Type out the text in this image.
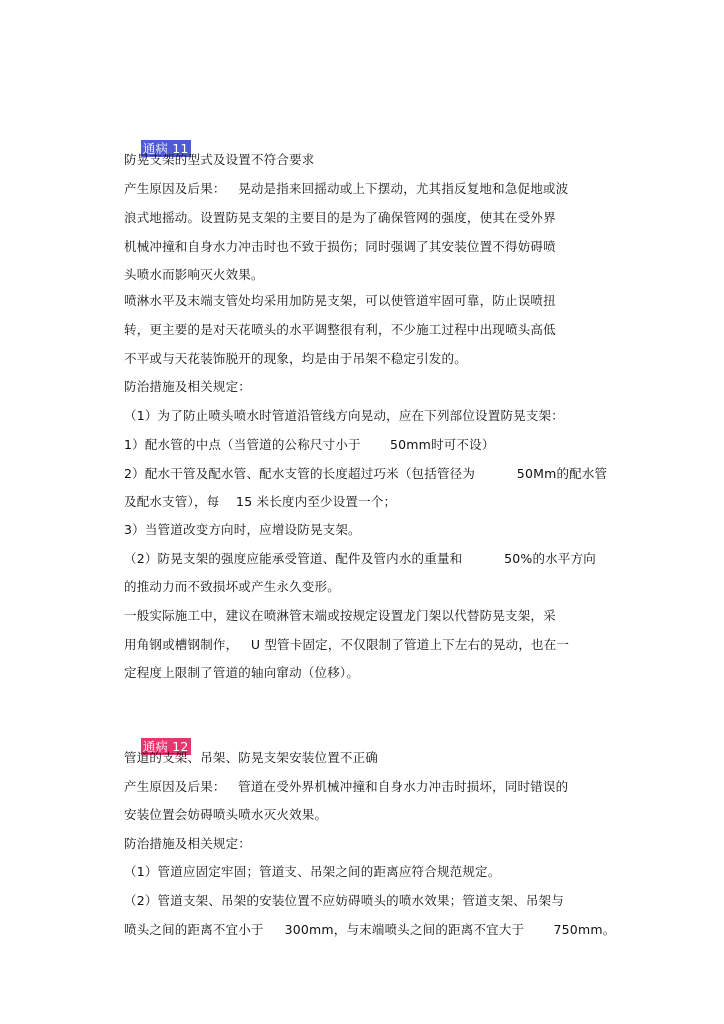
通病 11

防晃支架的型式及设置不符合要求
产生原因及后果：   晃动是指来回摇动或上下摆动，尤其指反复地和急促地或波
浪式地摇动。设置防晃支架的主要目的是为了确保管网的强度，使其在受外界
机械冲撞和自身水力冲击时也不致于损伤；同时强调了其安装位置不得妨碍喷
头喷水而影响灭火效果。
喷淋水平及末端支管处均采用加防晃支架，可以使管道牢固可靠，防止误喷扭
转，更主要的是对天花喷头的水平调整很有利，不少施工过程中出现喷头高低
不平或与天花装饰脱开的现象，均是由于吊架不稳定引发的。
防治措施及相关规定：
（1）为了防止喷头喷水时管道沿管线方向晃动，应在下列部位设置防晃支架：
1）配水管的中点（当管道的公称尺寸小于       50mm时可不设）
2）配水干管及配水管、配水支管的长度超过巧米（包括管径为          50Mm的配水管
及配水支管），每    15 米长度内至少设置一个；
3）当管道改变方向时，应增设防晃支架。
（2）防晃支架的强度应能承受管道、配件及管内水的重量和          50%的水平方向
的推动力而不致损坏或产生永久变形。
一般实际施工中，建议在喷淋管末端或按规定设置龙门架以代替防晃支架，采
用角钢或槽钢制作，   U 型管卡固定，不仅限制了管道上下左右的晃动，也在一
定程度上限制了管道的轴向窜动（位移）。

通病 12

管道的支架、吊架、防晃支架安装位置不正确
产生原因及后果：   管道在受外界机械冲撞和自身水力冲击时损坏，同时错误的
安装位置会妨碍喷头喷水灭火效果。
防治措施及相关规定：
（1）管道应固定牢固；管道支、吊架之间的距离应符合规范规定。
（2）管道支架、吊架的安装位置不应妨碍喷头的喷水效果；管道支架、吊架与
喷头之间的距离不宜小于     300mm，与末端喷头之间的距离不宜大于       750mm。
